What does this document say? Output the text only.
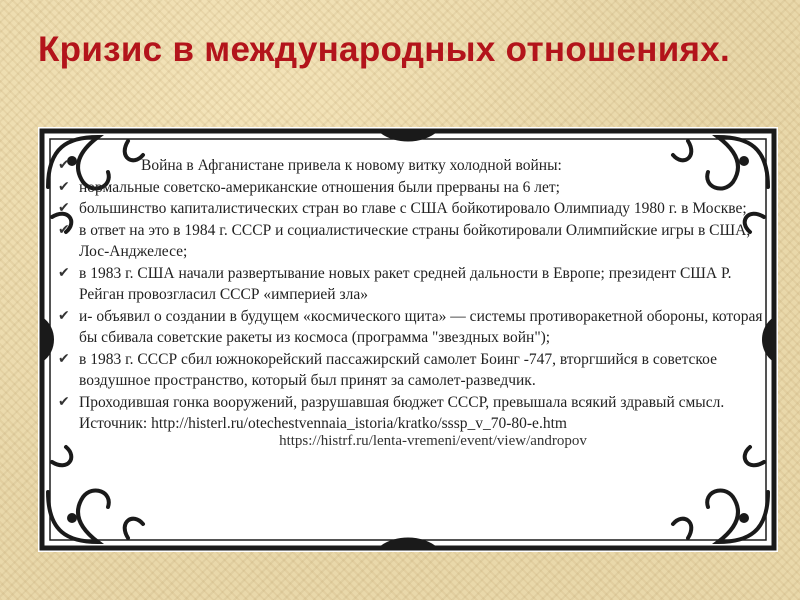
Кризис в международных отношениях.
✔	Война в Афганистане привела к новому витку холодной войны:
✔ нормальные советско-американские отношения были прерваны на 6 лет;
✔ большинство капиталистических стран во главе с США бойкотировало Олимпиаду 1980 г. в Москве;
✔ в ответ на это в 1984 г. СССР и социалистические страны бойкотировали Олимпийские игры в США, Лос-Анджелесе;
✔ в 1983 г. США начали развертывание новых ракет средней дальности в Европе; президент США Р. Рейган провозгласил СССР «империей зла»
✔ и- объявил о создании в будущем «космического щита» — системы противоракетной обороны, которая бы сбивала советские ракеты из космоса (программа "звездных войн");
✔ в 1983 г. СССР сбил южнокорейский пассажирский самолет Боинг -747, вторгшийся в советское воздушное пространство, который был принят за самолет-разведчик.
✔ Проходившая гонка вооружений, разрушавшая бюджет СССР, превышала всякий здравый смысл.
Источник: http://histerl.ru/otechestvennaia_istoria/kratko/sssp_v_70-80-e.htm
https://histrf.ru/lenta-vremeni/event/view/andropov
